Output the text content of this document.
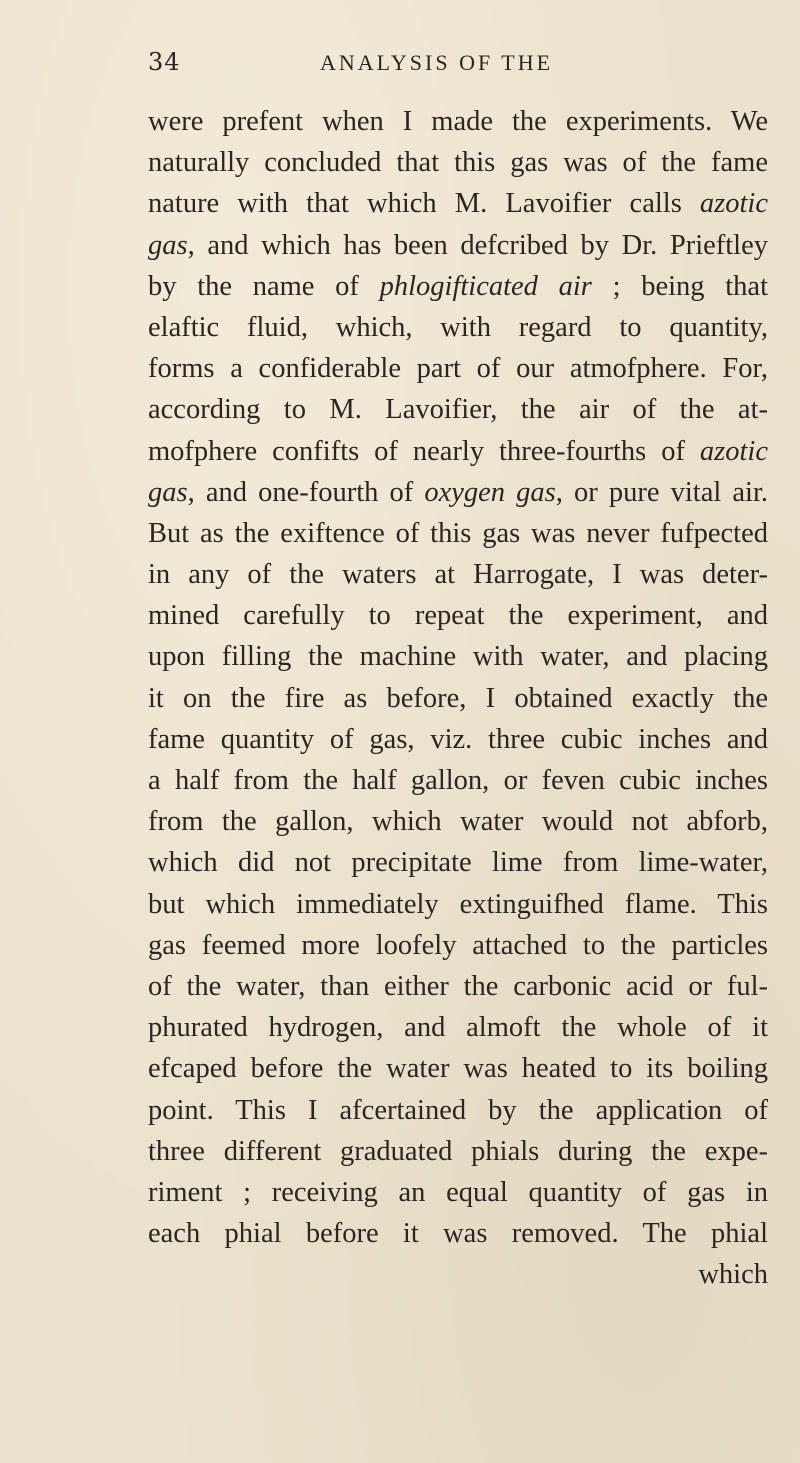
34	ANALYSIS OF THE
were prefent when I made the experiments. We
naturally concluded that this gas was of the fame
nature with that which M. Lavoifier calls azotic
gas, and which has been defcribed by Dr. Prieftley
by the name of phlogifticated air ; being that
elaftic fluid, which, with regard to quantity,
forms a confiderable part of our atmofphere. For,
according to M. Lavoifier, the air of the at-
mofphere confifts of nearly three-fourths of azotic
gas, and one-fourth of oxygen gas, or pure vital air.
But as the exiftence of this gas was never fufpected
in any of the waters at Harrogate, I was deter-
mined carefully to repeat the experiment, and
upon filling the machine with water, and placing
it on the fire as before, I obtained exactly the
fame quantity of gas, viz. three cubic inches and
a half from the half gallon, or feven cubic inches
from the gallon, which water would not abforb,
which did not precipitate lime from lime-water,
but which immediately extinguifhed flame. This
gas feemed more loofely attached to the particles
of the water, than either the carbonic acid or ful-
phurated hydrogen, and almoft the whole of it
efcaped before the water was heated to its boiling
point. This I afcertained by the application of
three different graduated phials during the expe-
riment ; receiving an equal quantity of gas in
each phial before it was removed. The phial
which
